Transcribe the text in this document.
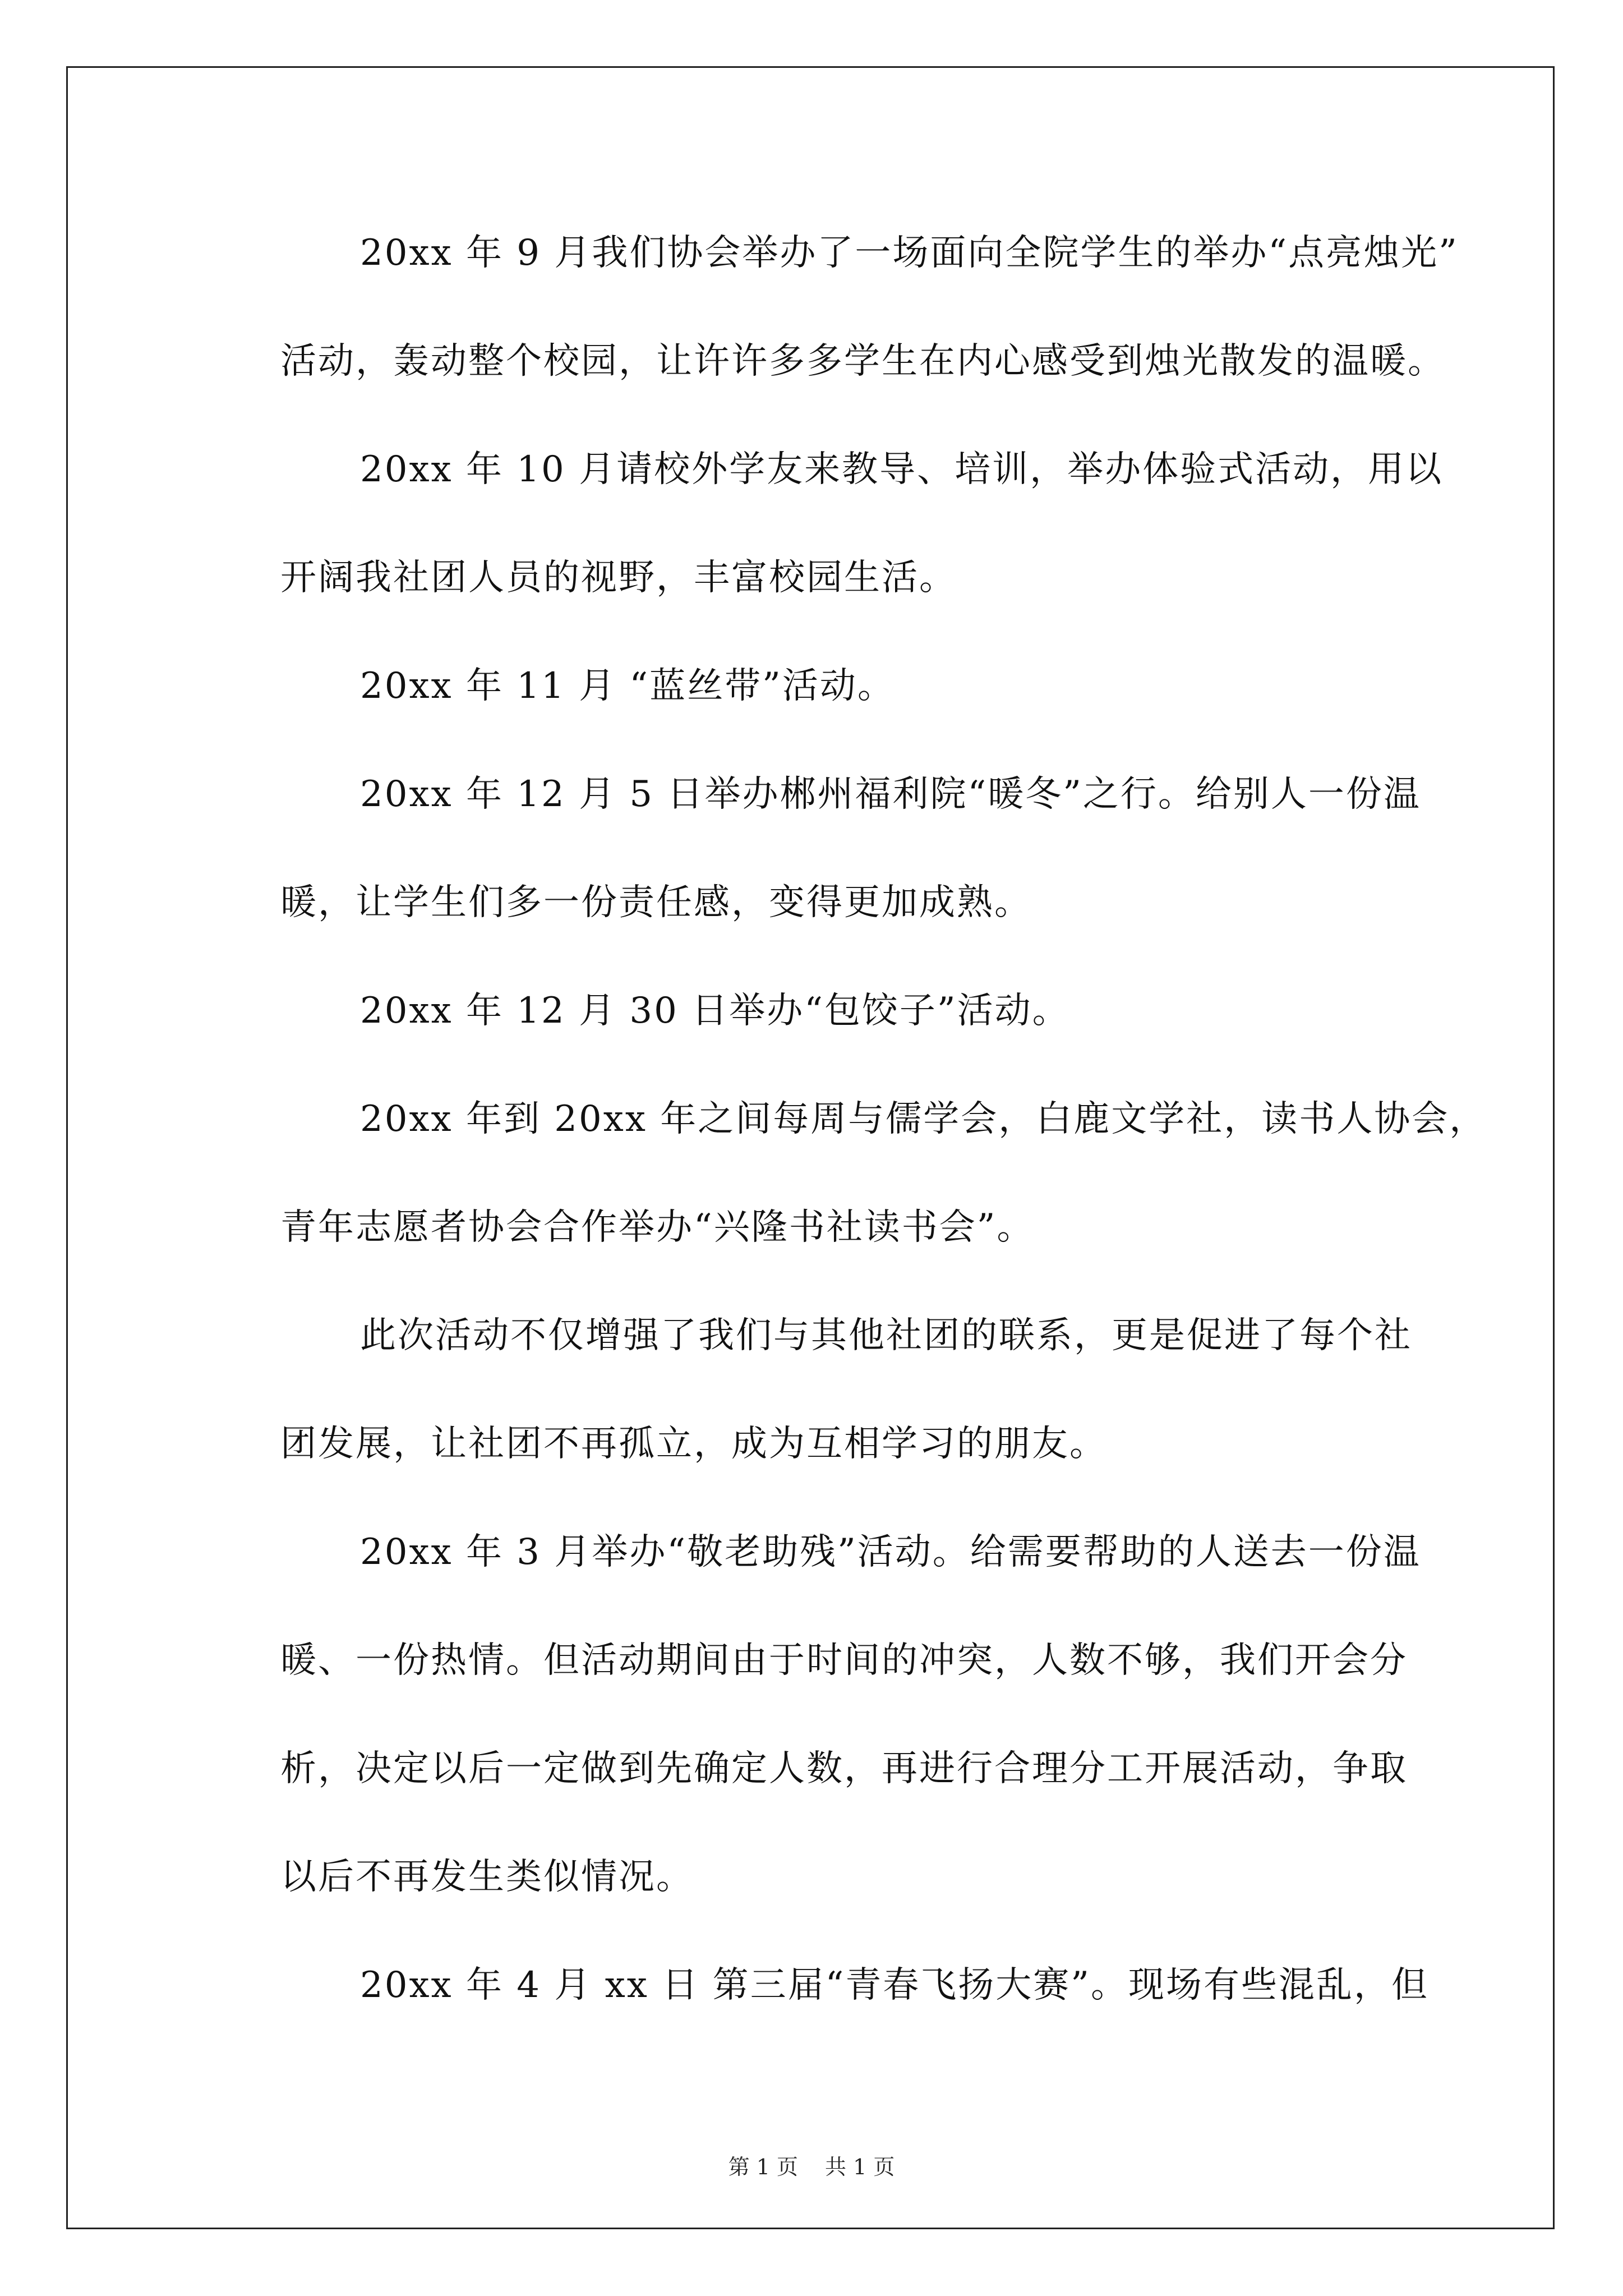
20xx 年 9 月我们协会举办了一场面向全院学生的举办“点亮烛光”
活动，轰动整个校园，让许许多多学生在内心感受到烛光散发的温暖。
20xx 年 10 月请校外学友来教导、培训，举办体验式活动，用以
开阔我社团人员的视野，丰富校园生活。
20xx 年 11 月 “蓝丝带”活动。
20xx 年 12 月 5 日举办郴州福利院“暖冬”之行。给别人一份温
暖，让学生们多一份责任感，变得更加成熟。
20xx 年 12 月 30 日举办“包饺子”活动。
20xx 年到 20xx 年之间每周与儒学会，白鹿文学社，读书人协会，
青年志愿者协会合作举办“兴隆书社读书会”。
此次活动不仅增强了我们与其他社团的联系，更是促进了每个社
团发展，让社团不再孤立，成为互相学习的朋友。
20xx 年 3 月举办“敬老助残”活动。给需要帮助的人送去一份温
暖、一份热情。但活动期间由于时间的冲突，人数不够，我们开会分
析，决定以后一定做到先确定人数，再进行合理分工开展活动，争取
以后不再发生类似情况。
20xx 年 4 月 xx 日 第三届“青春飞扬大赛”。现场有些混乱，但
第 1 页 共 1 页
